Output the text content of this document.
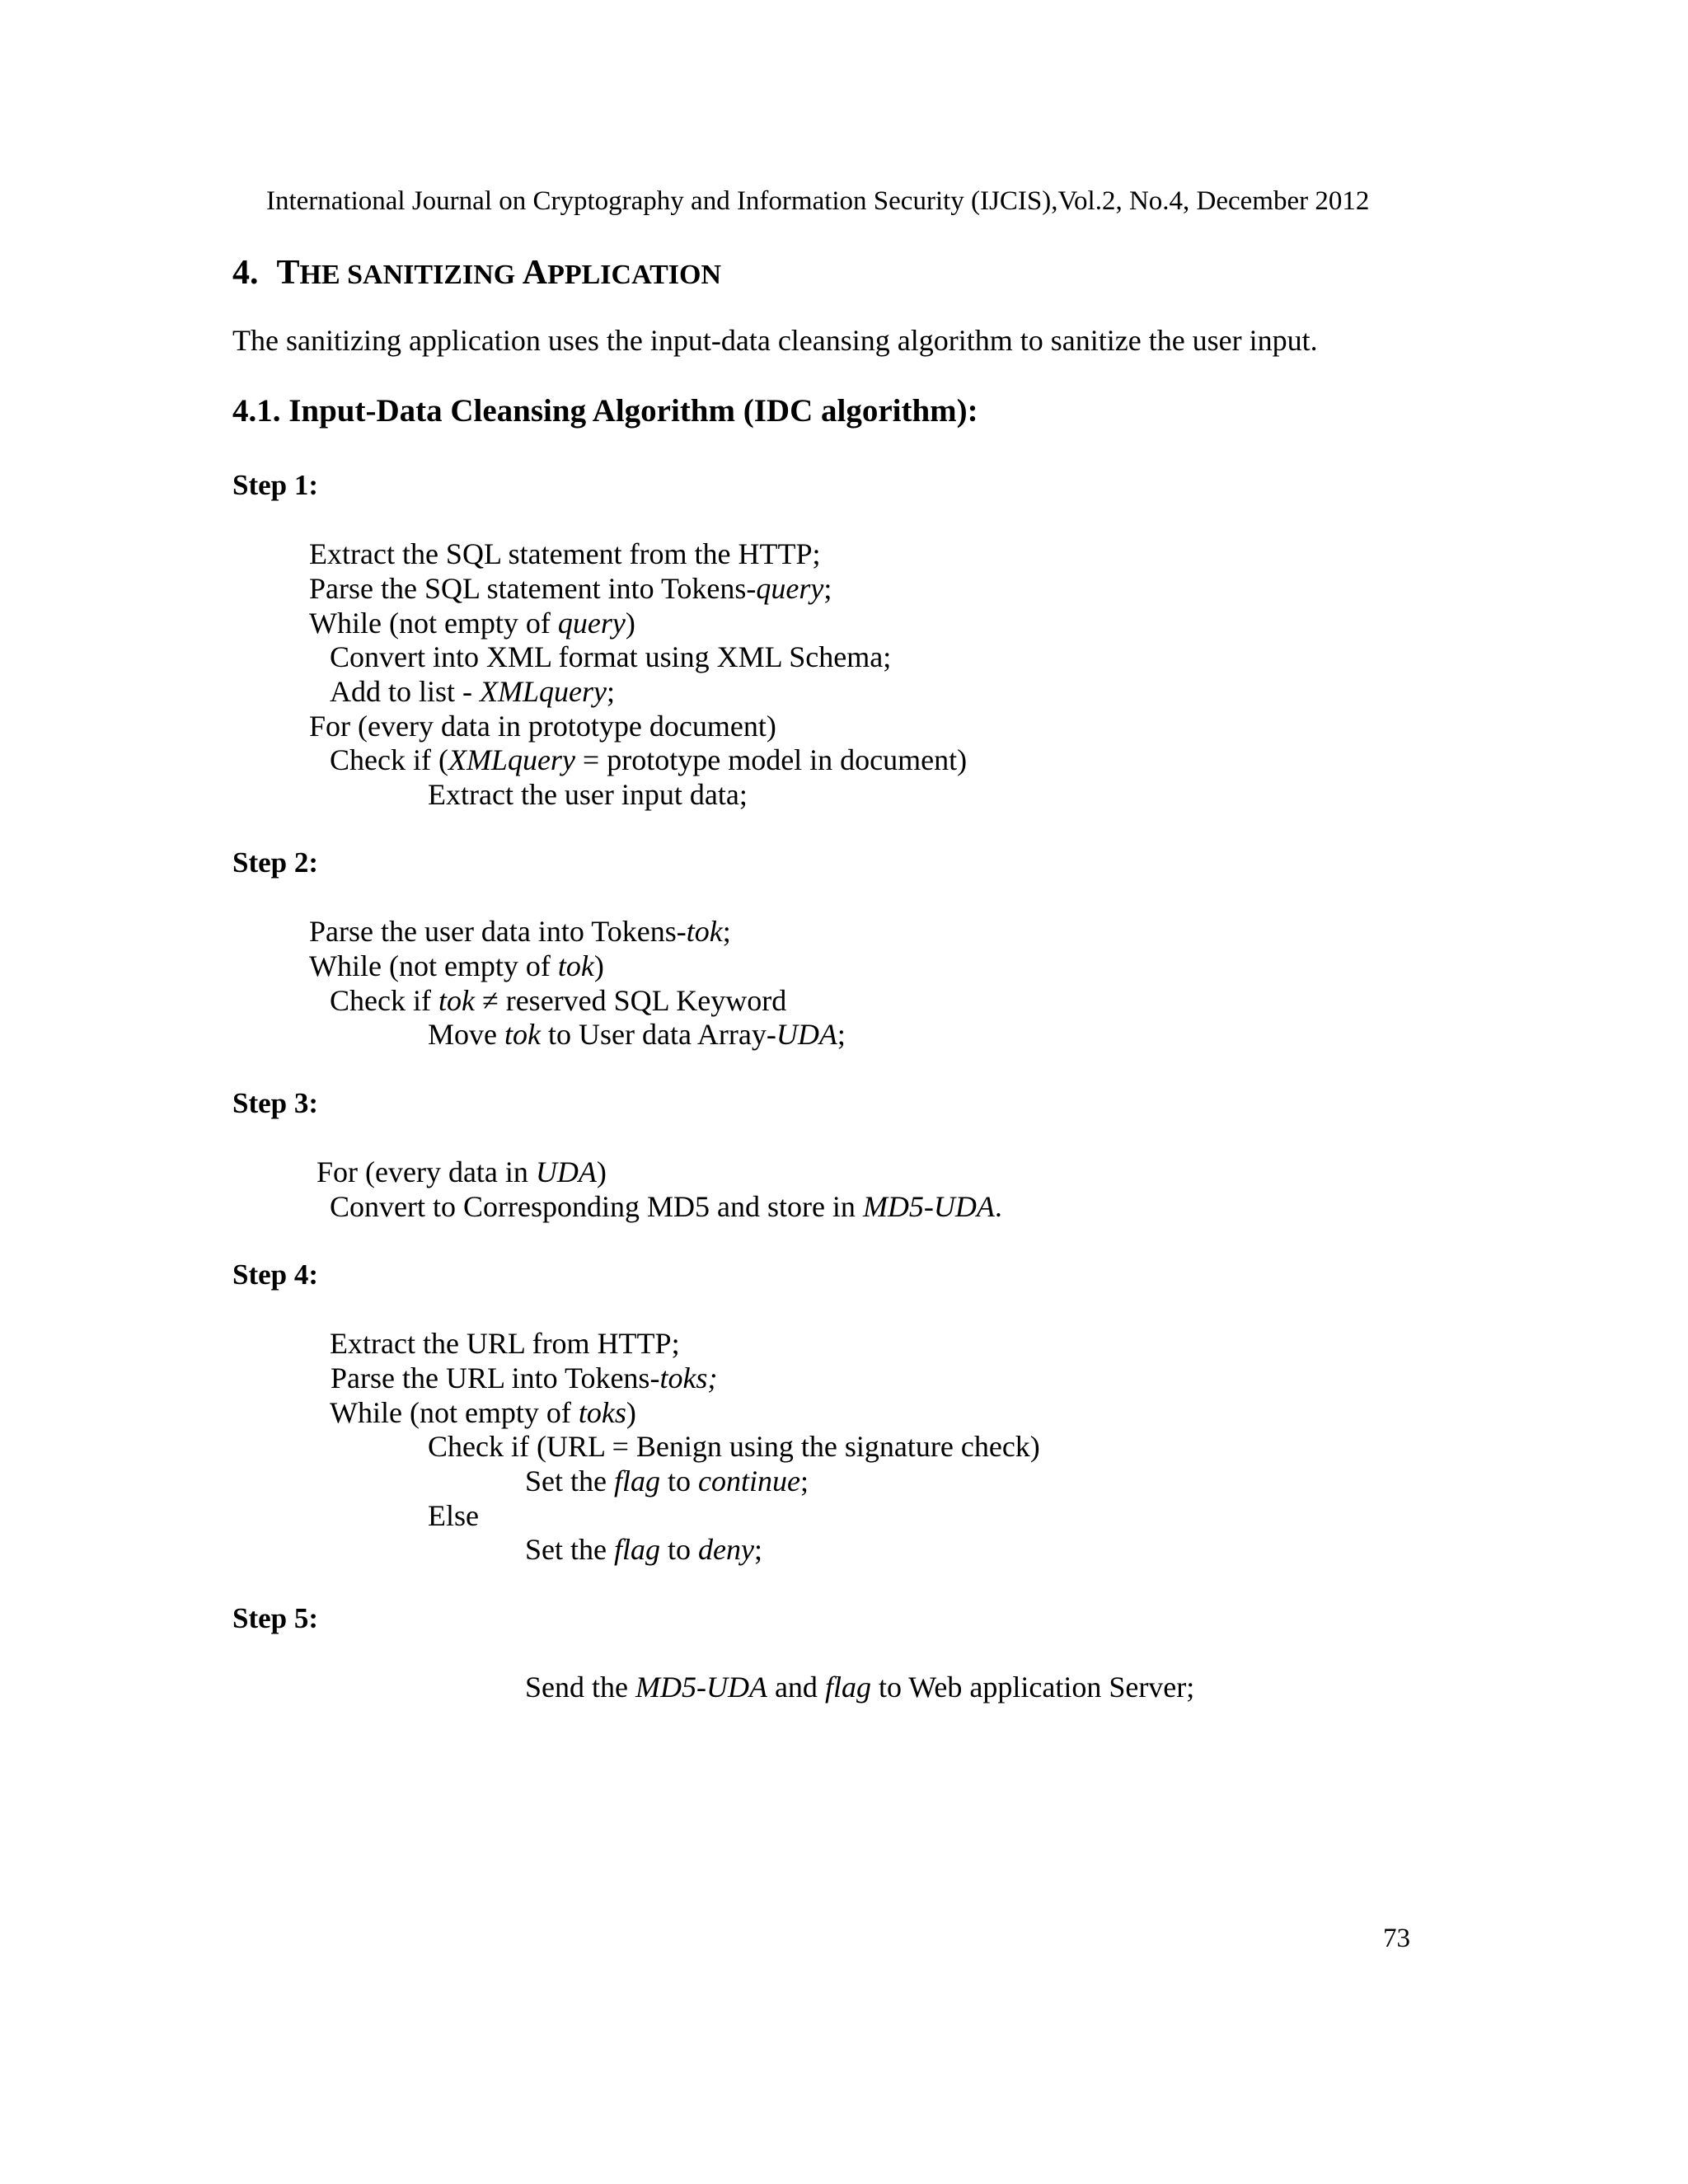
International Journal on Cryptography and Information Security (IJCIS),Vol.2, No.4, December 2012
4. THE SANITIZING APPLICATION
The sanitizing application uses the input-data cleansing algorithm to sanitize the user input.
4.1. Input-Data Cleansing Algorithm (IDC algorithm):
Step 1:
Extract the SQL statement from the HTTP;
Parse the SQL statement into Tokens-query;
While (not empty of query)
Convert into XML format using XML Schema;
Add to list - XMLquery;
For (every data in prototype document)
Check if (XMLquery = prototype model in document)
Extract the user input data;
Step 2:
Parse the user data into Tokens-tok;
While (not empty of tok)
Check if tok ≠ reserved SQL Keyword
Move tok to User data Array-UDA;
Step 3:
For (every data in UDA)
Convert to Corresponding MD5 and store in MD5-UDA.
Step 4:
Extract the URL from HTTP;
Parse the URL into Tokens-toks;
While (not empty of toks)
Check if (URL = Benign using the signature check)
Set the flag to continue;
Else
Set the flag to deny;
Step 5:
Send the MD5-UDA and flag to Web application Server;
73
